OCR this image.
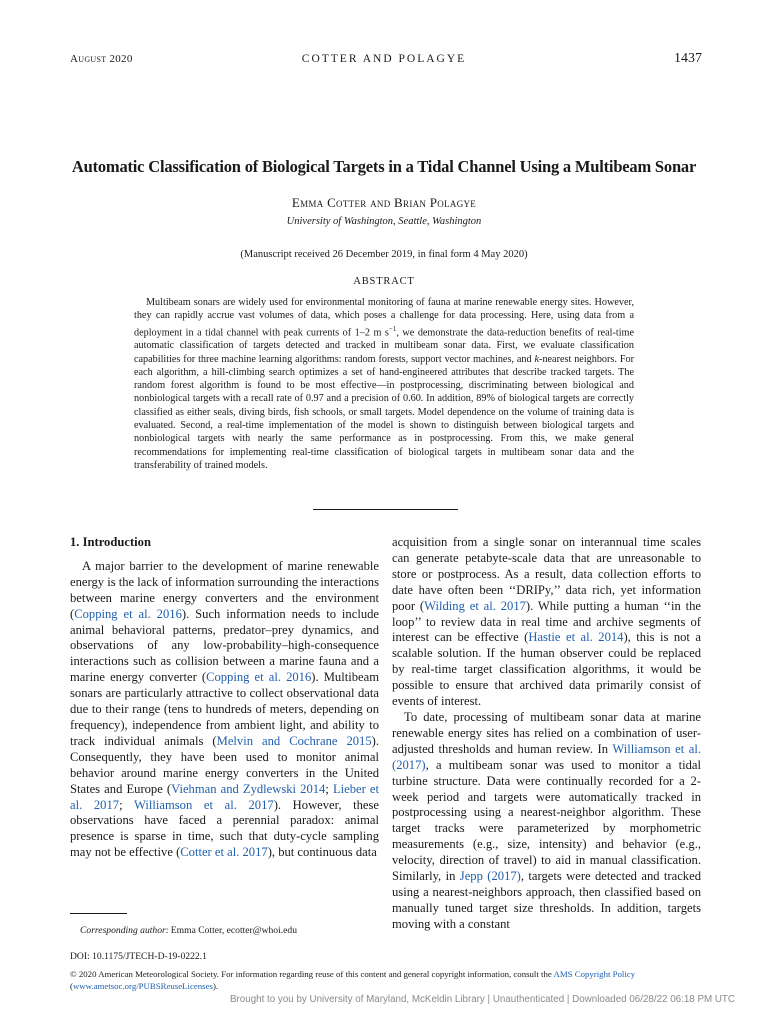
August 2020	COTTER AND POLAGYE	1437
Automatic Classification of Biological Targets in a Tidal Channel Using a Multibeam Sonar
Emma Cotter and Brian Polagye
University of Washington, Seattle, Washington
(Manuscript received 26 December 2019, in final form 4 May 2020)
ABSTRACT
Multibeam sonars are widely used for environmental monitoring of fauna at marine renewable energy sites. However, they can rapidly accrue vast volumes of data, which poses a challenge for data processing. Here, using data from a deployment in a tidal channel with peak currents of 1–2 m $s^{-1}$, we demonstrate the data-reduction benefits of real-time automatic classification of targets detected and tracked in multibeam sonar data. First, we evaluate classification capabilities for three machine learning algorithms: random forests, support vector machines, and k-nearest neighbors. For each algorithm, a hill-climbing search optimizes a set of hand-engineered attributes that describe tracked targets. The random forest algorithm is found to be most effective—in postprocessing, discriminating between biological and nonbiological targets with a recall rate of 0.97 and a precision of 0.60. In addition, 89% of biological targets are correctly classified as either seals, diving birds, fish schools, or small targets. Model dependence on the volume of training data is evaluated. Second, a real-time implementation of the model is shown to distinguish between biological targets and nonbiological targets with nearly the same performance as in postprocessing. From this, we make general recommendations for implementing real-time classification of biological targets in multibeam sonar data and the transferability of trained models.
1. Introduction

A major barrier to the development of marine renewable energy is the lack of information surrounding the interactions between marine energy converters and the environment (Copping et al. 2016). Such information needs to include animal behavioral patterns, predator–prey dynamics, and observations of any low-probability–high-consequence interactions such as collision between a marine fauna and a marine energy converter (Copping et al. 2016). Multibeam sonars are particularly attractive to collect observational data due to their range (tens to hundreds of meters, depending on frequency), independence from ambient light, and ability to track individual animals (Melvin and Cochrane 2015). Consequently, they have been used to monitor animal behavior around marine energy converters in the United States and Europe (Viehman and Zydlewski 2014; Lieber et al. 2017; Williamson et al. 2017). However, these observations have faced a perennial paradox: animal presence is sparse in time, such that duty-cycle sampling may not be effective (Cotter et al. 2017), but continuous data

acquisition from a single sonar on interannual time scales can generate petabyte-scale data that are unreasonable to store or postprocess. As a result, data collection efforts to date have often been ‘‘DRIPy,’’ data rich, yet information poor (Wilding et al. 2017). While putting a human ‘‘in the loop’’ to review data in real time and archive segments of interest can be effective (Hastie et al. 2014), this is not a scalable solution. If the human observer could be replaced by real-time target classification algorithms, it would be possible to ensure that archived data primarily consist of events of interest.

To date, processing of multibeam sonar data at marine renewable energy sites has relied on a combination of user-adjusted thresholds and human review. In Williamson et al. (2017), a multibeam sonar was used to monitor a tidal turbine structure. Data were continually recorded for a 2-week period and targets were automatically tracked in postprocessing using a nearest-neighbor algorithm. These target tracks were parameterized by morphometric measurements (e.g., size, intensity) and behavior (e.g., velocity, direction of travel) to aid in manual classification. Similarly, in Jepp (2017), targets were detected and tracked using a nearest-neighbors approach, then classified based on manually tuned target size thresholds. In addition, targets moving with a constant

Corresponding author: Emma Cotter, ecotter@whoi.edu
DOI: 10.1175/JTECH-D-19-0222.1
© 2020 American Meteorological Society. For information regarding reuse of this content and general copyright information, consult the AMS Copyright Policy (www.ametsoc.org/PUBSReuseLicenses).
Brought to you by University of Maryland, McKeldin Library | Unauthenticated | Downloaded 06/28/22 06:18 PM UTC
